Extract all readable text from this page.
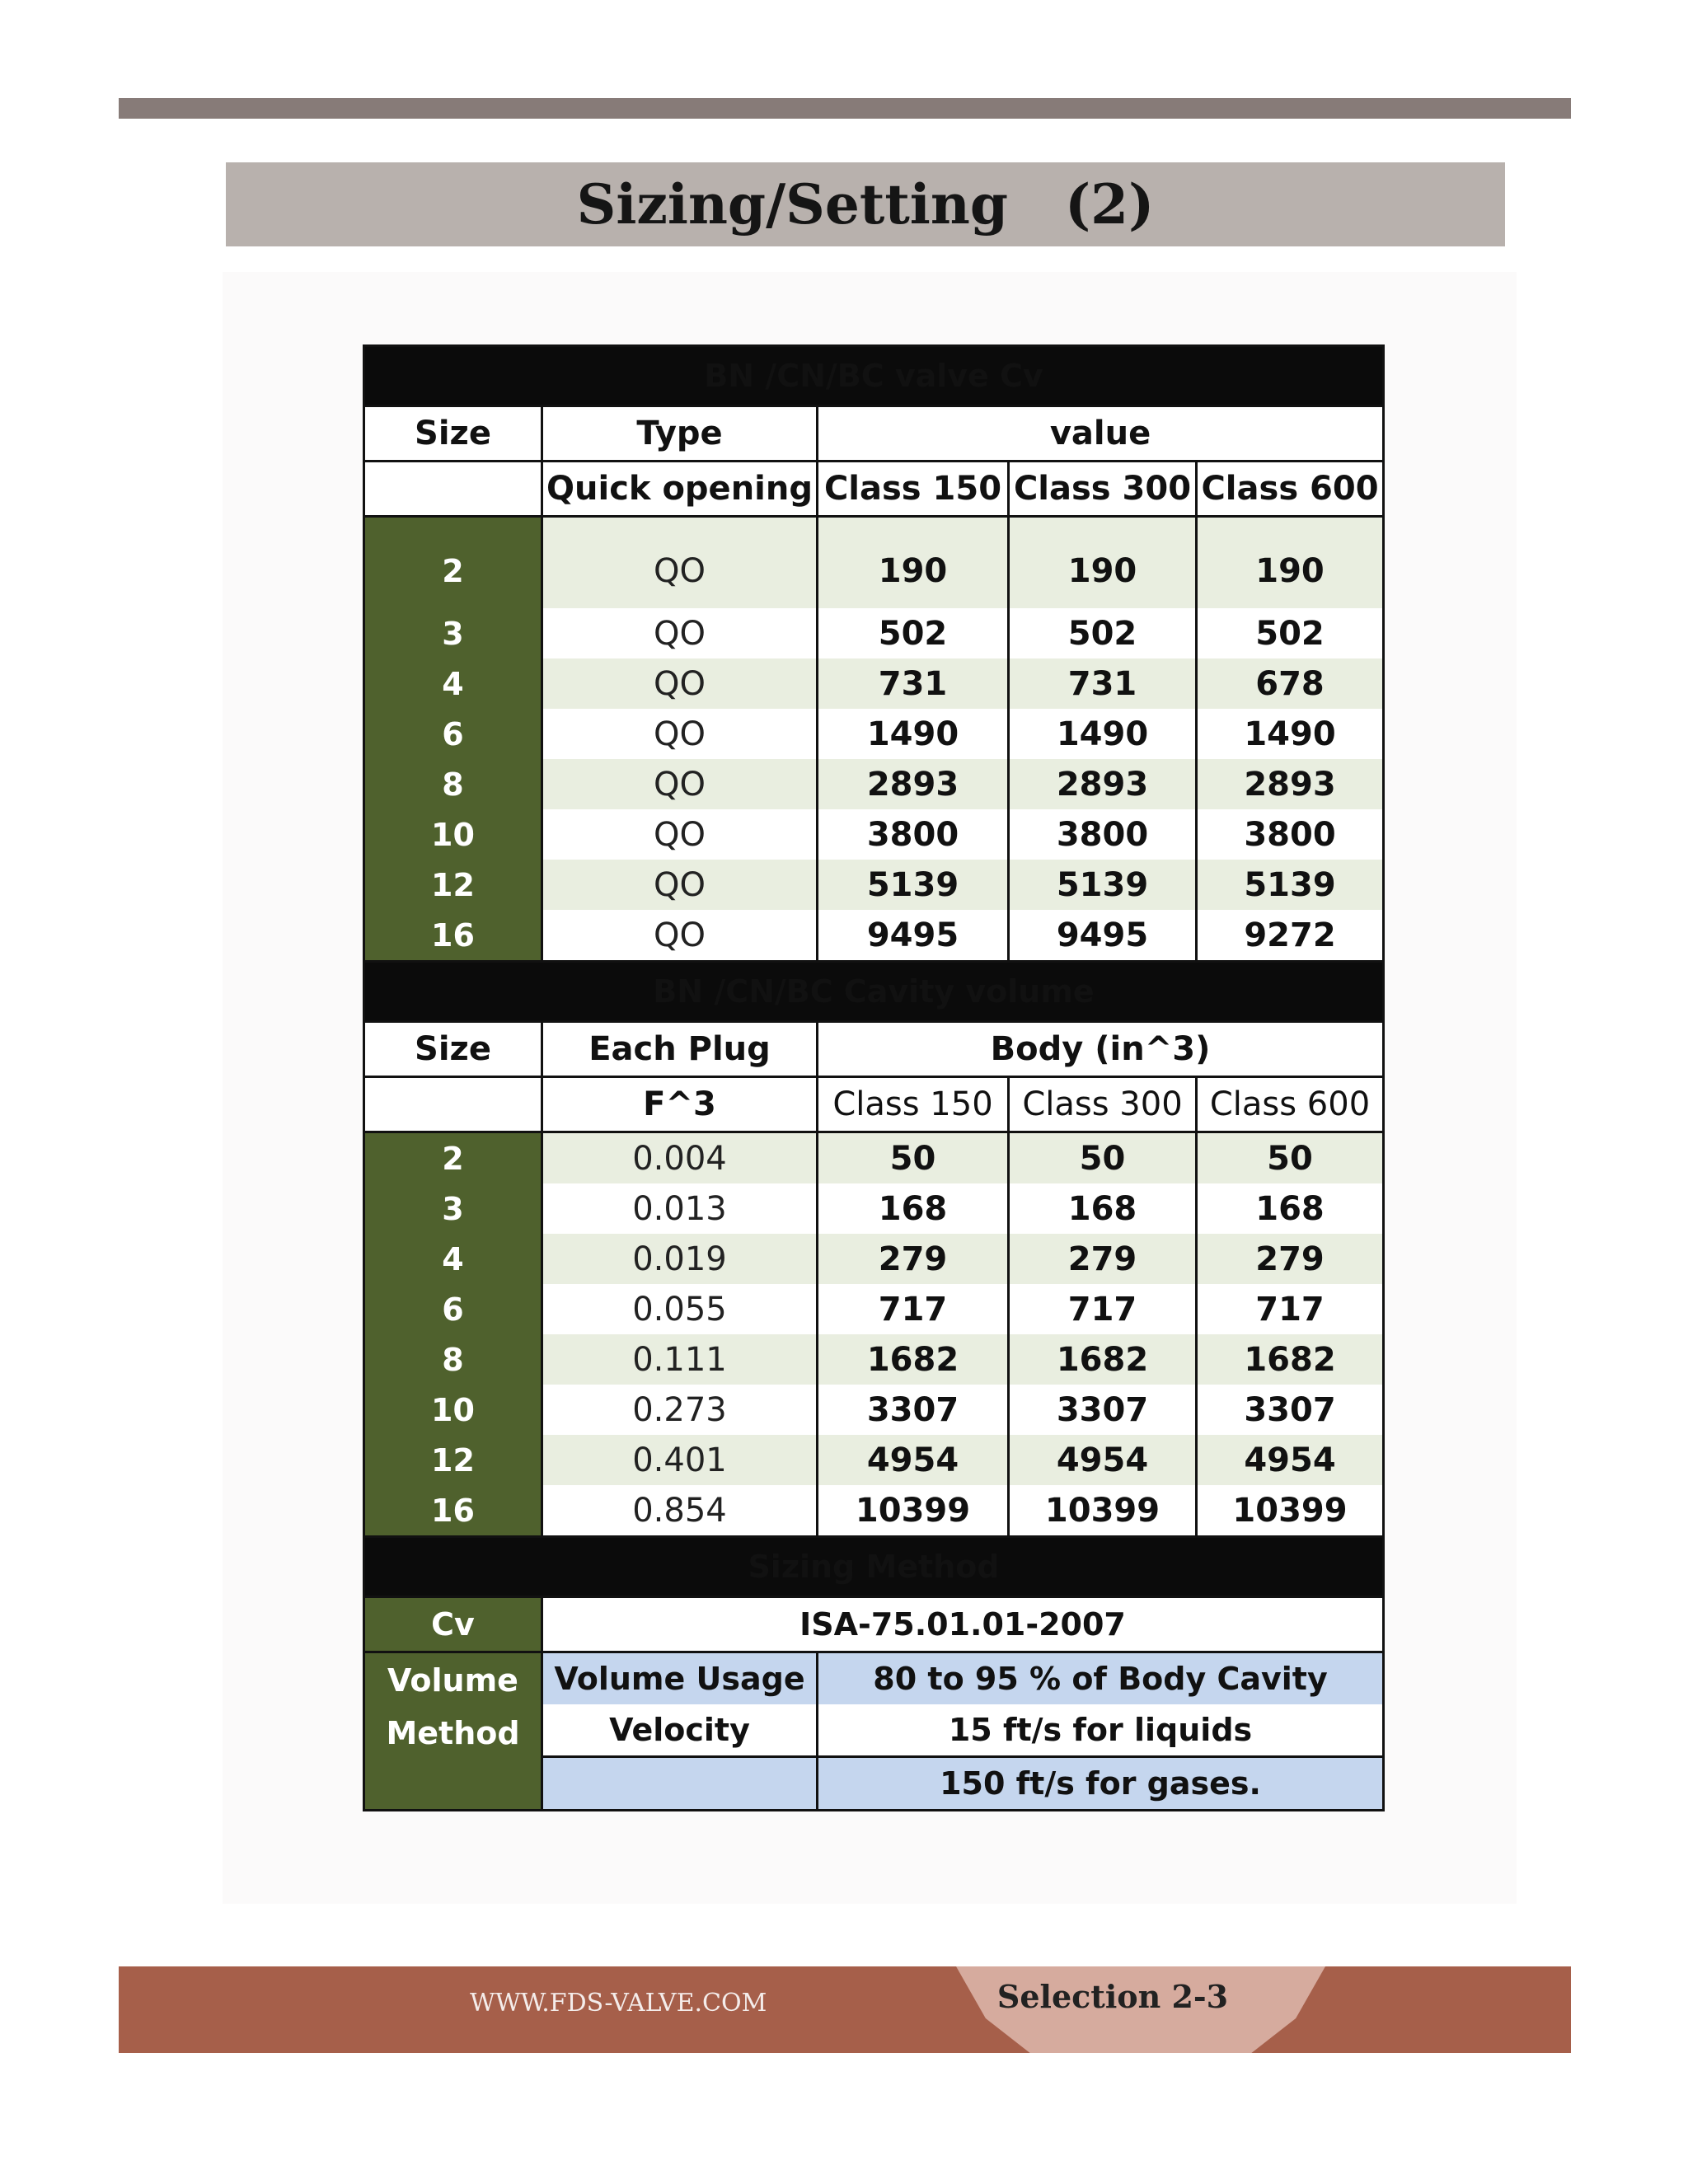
Sizing/Setting   (2)
BN /CN/BC valve Cv				
Size	Type	value		
	Quick opening	Class 150	Class 300	Class 600
2	QO	190	190	190
3	QO	502	502	502
4	QO	731	731	678
6	QO	1490	1490	1490
8	QO	2893	2893	2893
10	QO	3800	3800	3800
12	QO	5139	5139	5139
16	QO	9495	9495	9272
BN /CN/BC Cavity volume				
Size	Each Plug	Body (in^3)		
	F^3	Class 150	Class 300	Class 600
2	0.004	50	50	50
3	0.013	168	168	168
4	0.019	279	279	279
6	0.055	717	717	717
8	0.111	1682	1682	1682
10	0.273	3307	3307	3307
12	0.401	4954	4954	4954
16	0.854	10399	10399	10399
Sizing Method				
Cv	ISA-75.01.01-2007			

Volume
Method	Volume Usage	80 to 95 % of Body Cavity		
	Velocity	15 ft/s for liquids		
		150 ft/s for gases.		
WWW.FDS-VALVE.COM	Selection 2-3
